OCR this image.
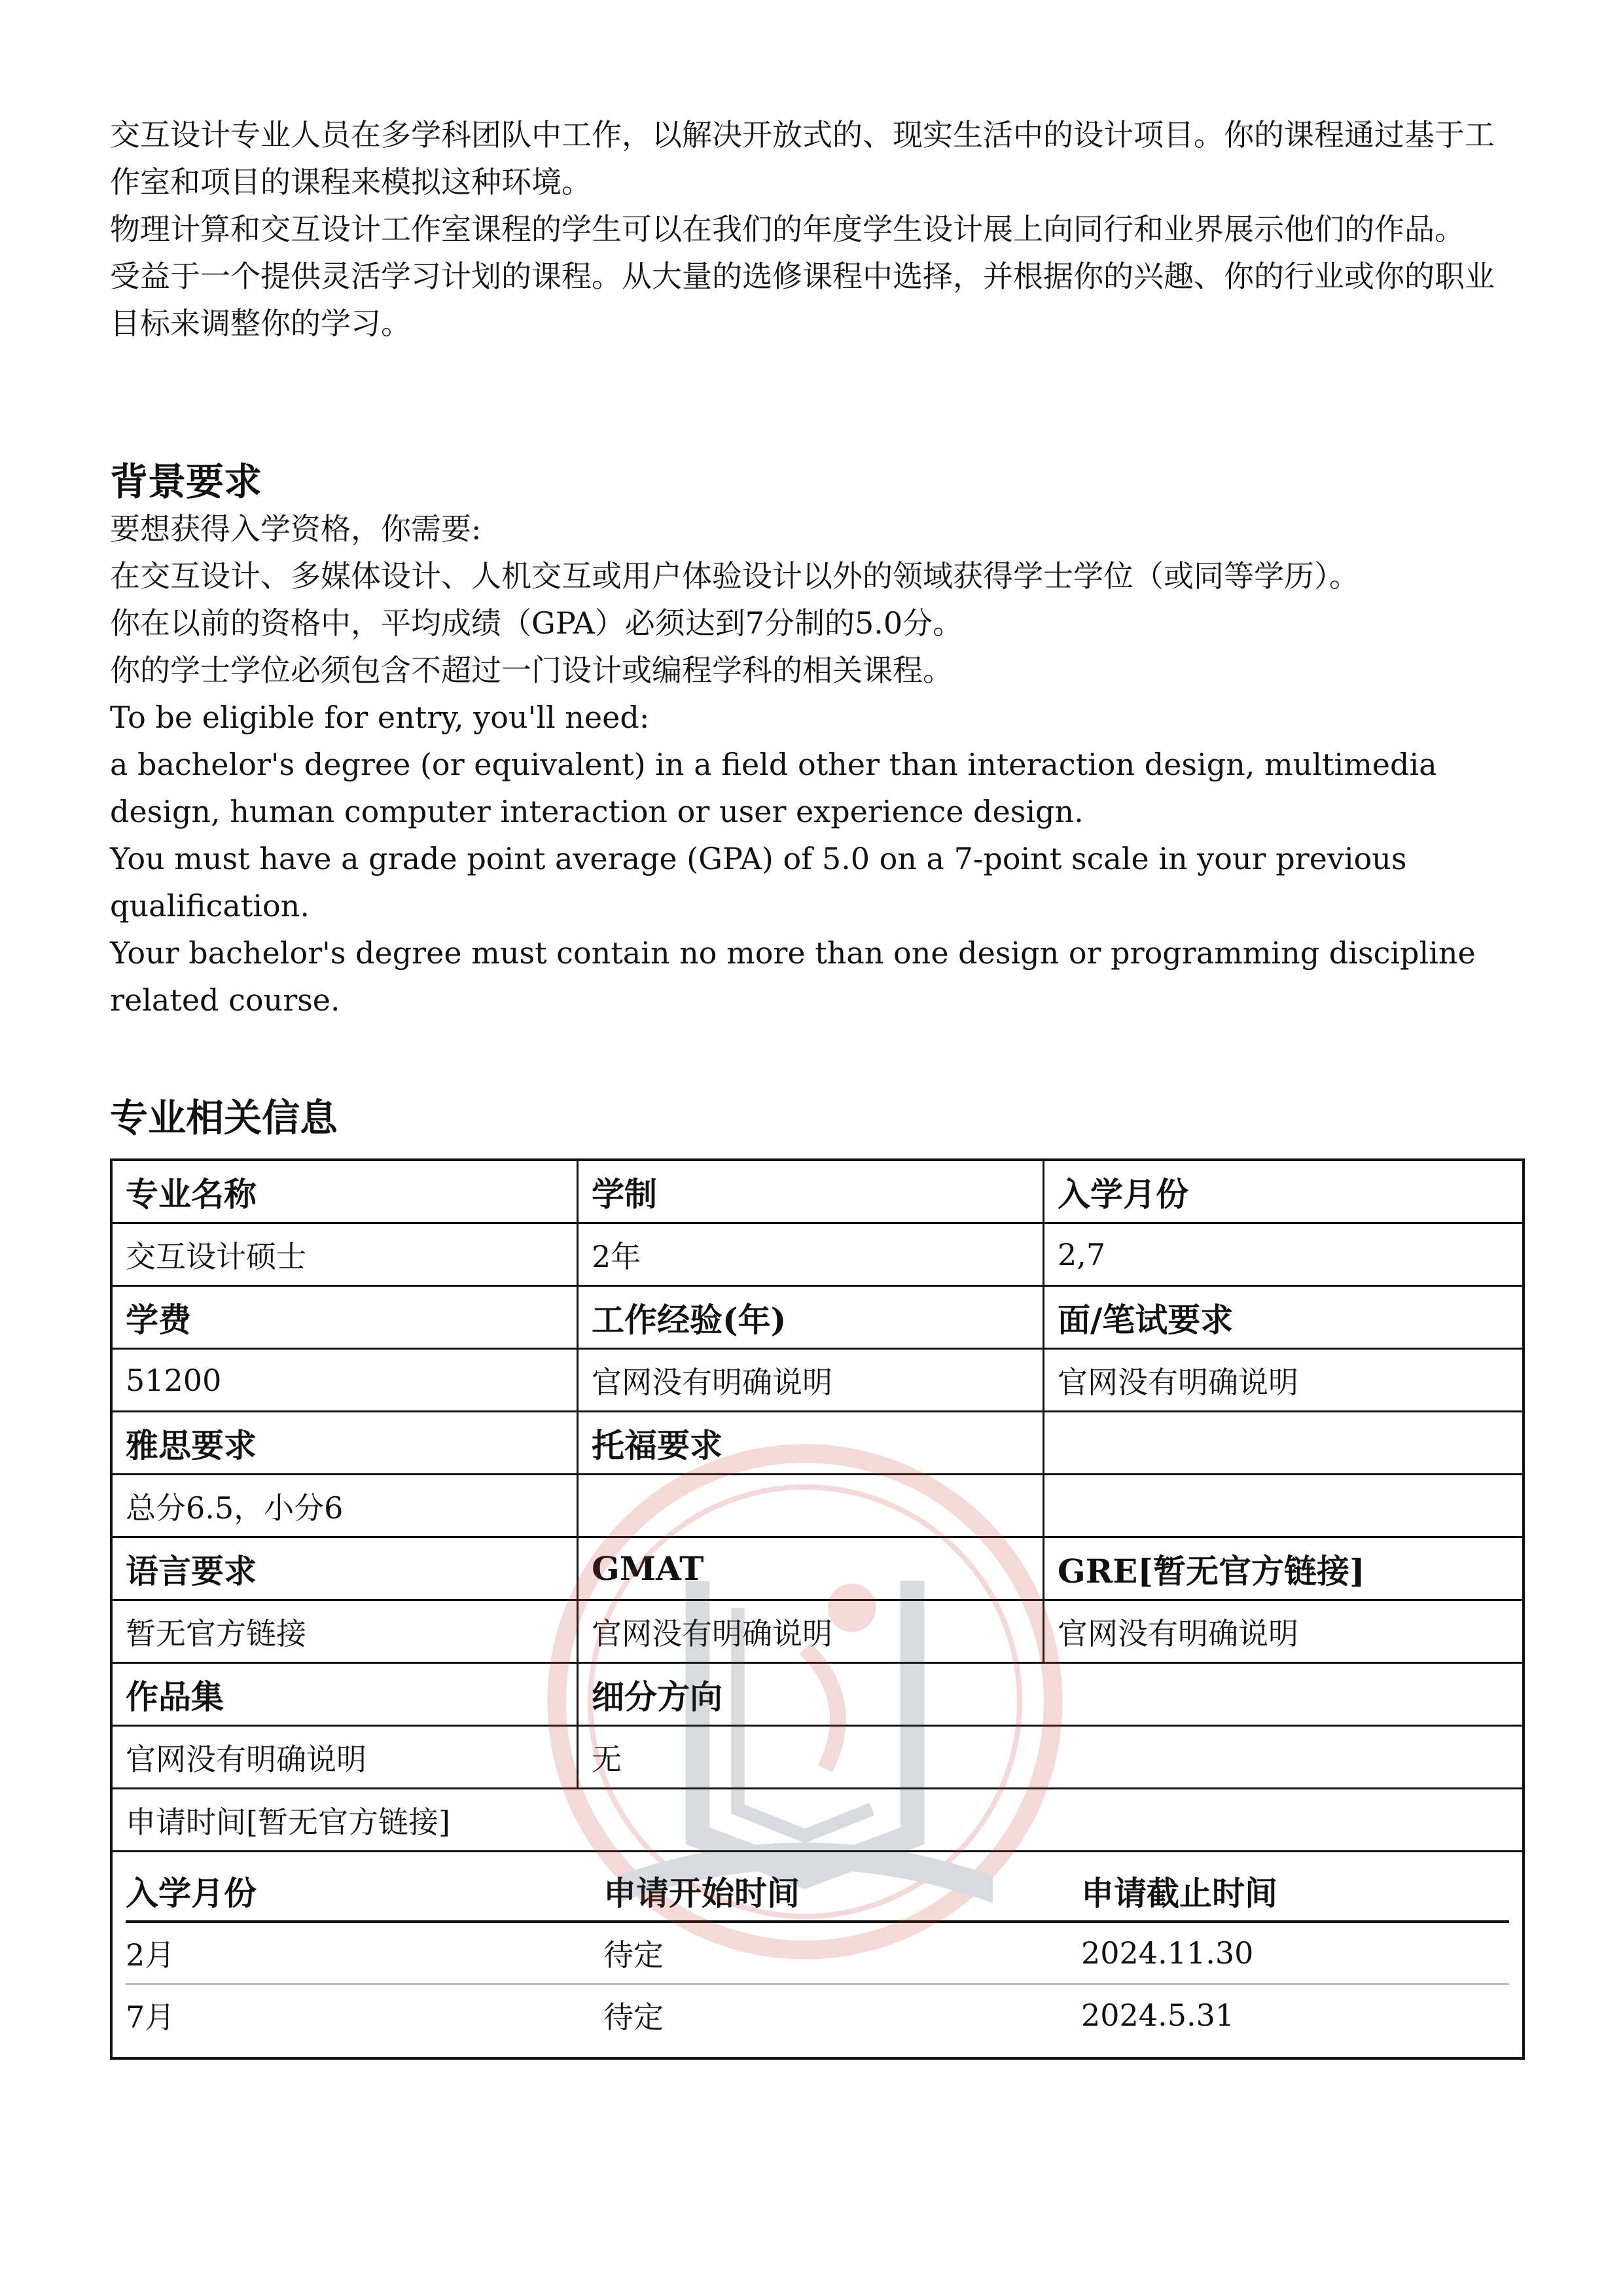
交互设计专业人员在多学科团队中工作，以解决开放式的、现实生活中的设计项目。你的课程通过基于工作室和项目的课程来模拟这种环境。

物理计算和交互设计工作室课程的学生可以在我们的年度学生设计展上向同行和业界展示他们的作品。

受益于一个提供灵活学习计划的课程。从大量的选修课程中选择，并根据你的兴趣、你的行业或你的职业目标来调整你的学习。

背景要求

要想获得入学资格，你需要:

在交互设计、多媒体设计、人机交互或用户体验设计以外的领域获得学士学位（或同等学历）。

你在以前的资格中，平均成绩（GPA）必须达到7分制的5.0分。

你的学士学位必须包含不超过一门设计或编程学科的相关课程。

To be eligible for entry, you'll need:

a bachelor's degree (or equivalent) in a field other than interaction design, multimedia design, human computer interaction or user experience design.

You must have a grade point average (GPA) of 5.0 on a 7-point scale in your previous qualification.

Your bachelor's degree must contain no more than one design or programming discipline related course.

专业相关信息
专业名称	学制	入学月份
交互设计硕士	2年	2,7
学费	工作经验(年)	面/笔试要求
51200	官网没有明确说明	官网没有明确说明
雅思要求	托福要求
总分6.5，小分6
语言要求	GMAT	GRE[暂无官方链接]
暂无官方链接	官网没有明确说明	官网没有明确说明
作品集	细分方向
官网没有明确说明	无
申请时间[暂无官方链接]
入学月份	申请开始时间	申请截止时间
2月	待定	2024.11.30
7月	待定	2024.5.31
